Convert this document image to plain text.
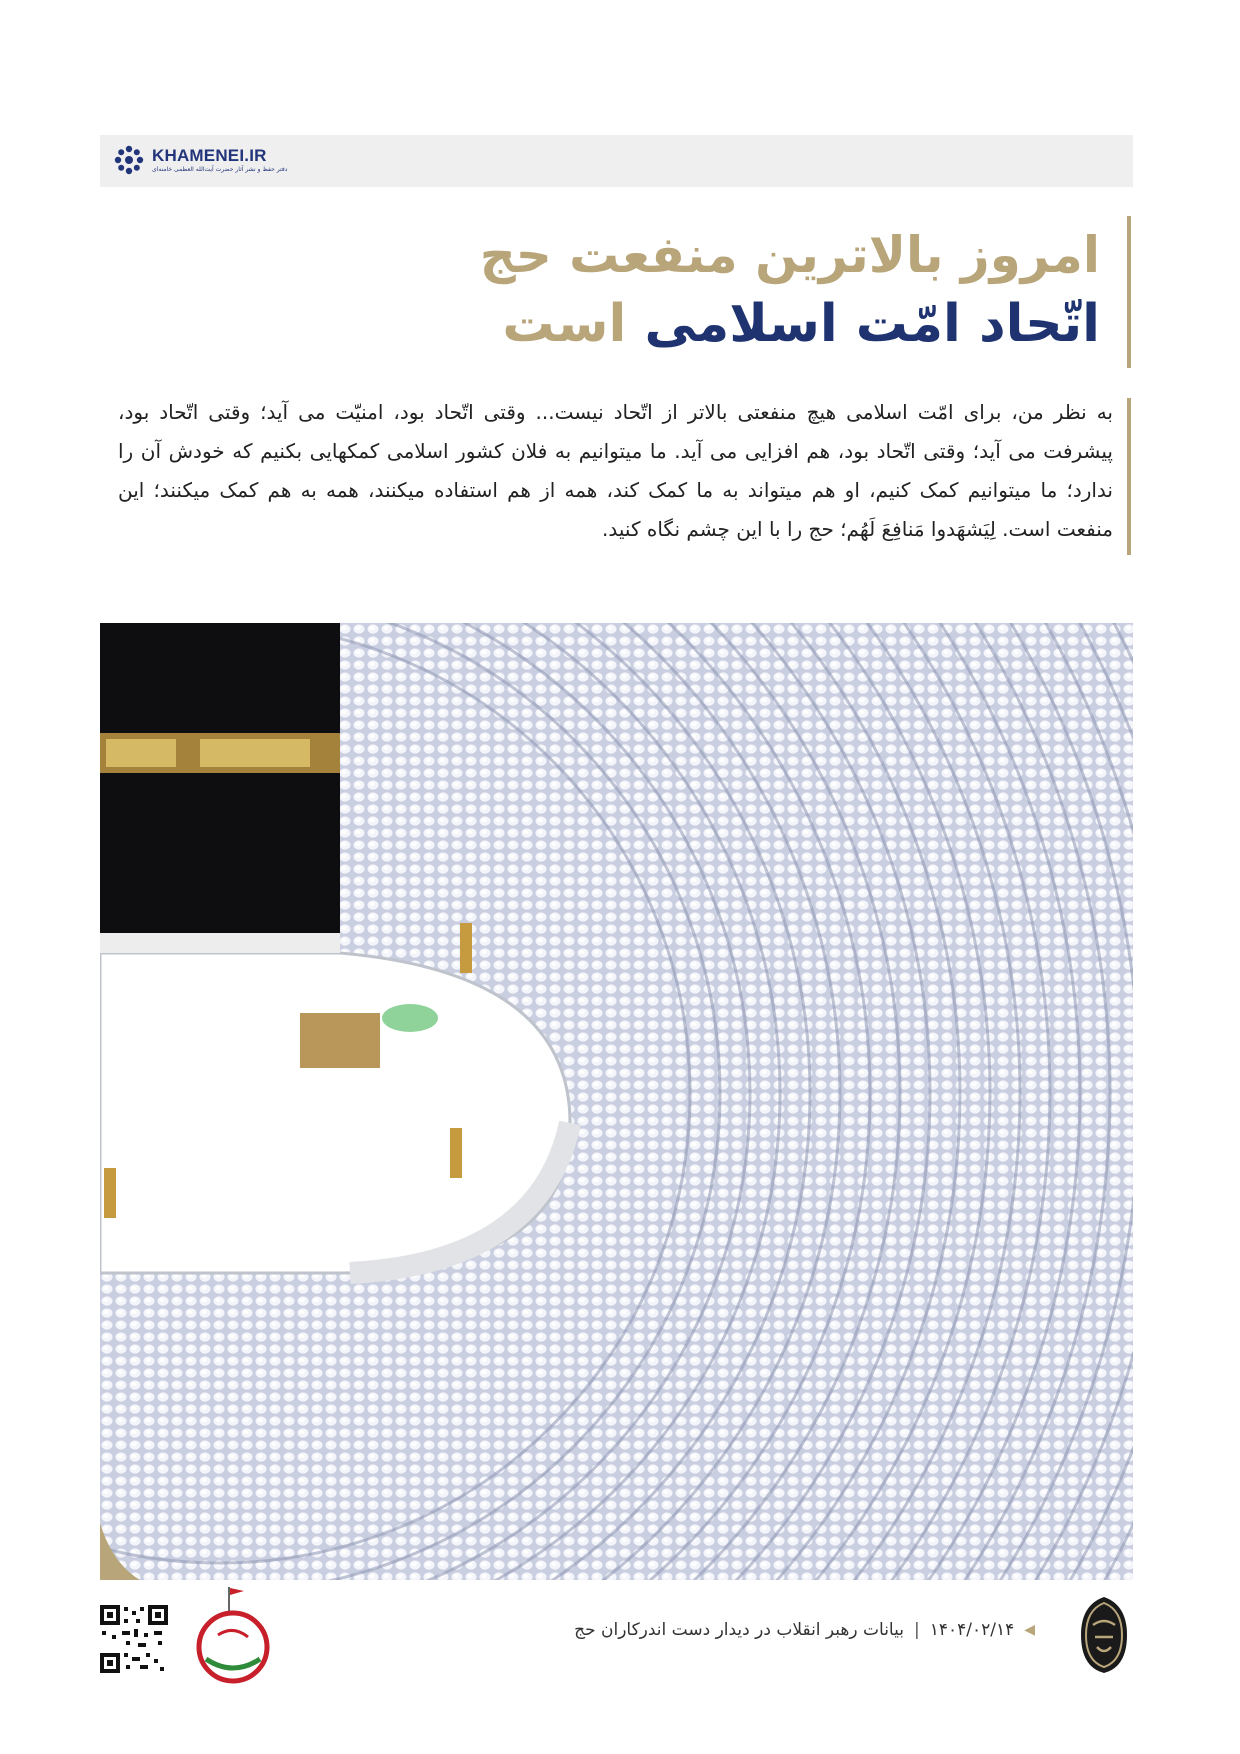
KHAMENEI.IR
دفتر حفظ و نشر آثار حضرت آیت‌الله العظمی خامنه‌ای
امروز بالاترین منفعت حج
اتّحاد امّت اسلامی است
به نظر من، برای امّت اسلامی هیچ منفعتی بالاتر از اتّحاد نیست... وقتی اتّحاد بود، امنیّت می آید؛ وقتی اتّحاد بود، پیشرفت می آید؛ وقتی اتّحاد بود، هم افزایی می آید. ما میتوانیم به فلان کشور اسلامی کمکهایی بکنیم که خودش آن را ندارد؛ ما میتوانیم کمک کنیم، او هم میتواند به ما کمک کند، همه از هم استفاده میکنند، همه به هم کمک میکنند؛ این منفعت است. لِيَشهَدوا مَنافِعَ لَهُم؛ حج را با این چشم نگاه کنید.
◀
۱۴۰۴/۰۲/۱۴
|
بیانات رهبر انقلاب در دیدار دست اندرکاران حج
